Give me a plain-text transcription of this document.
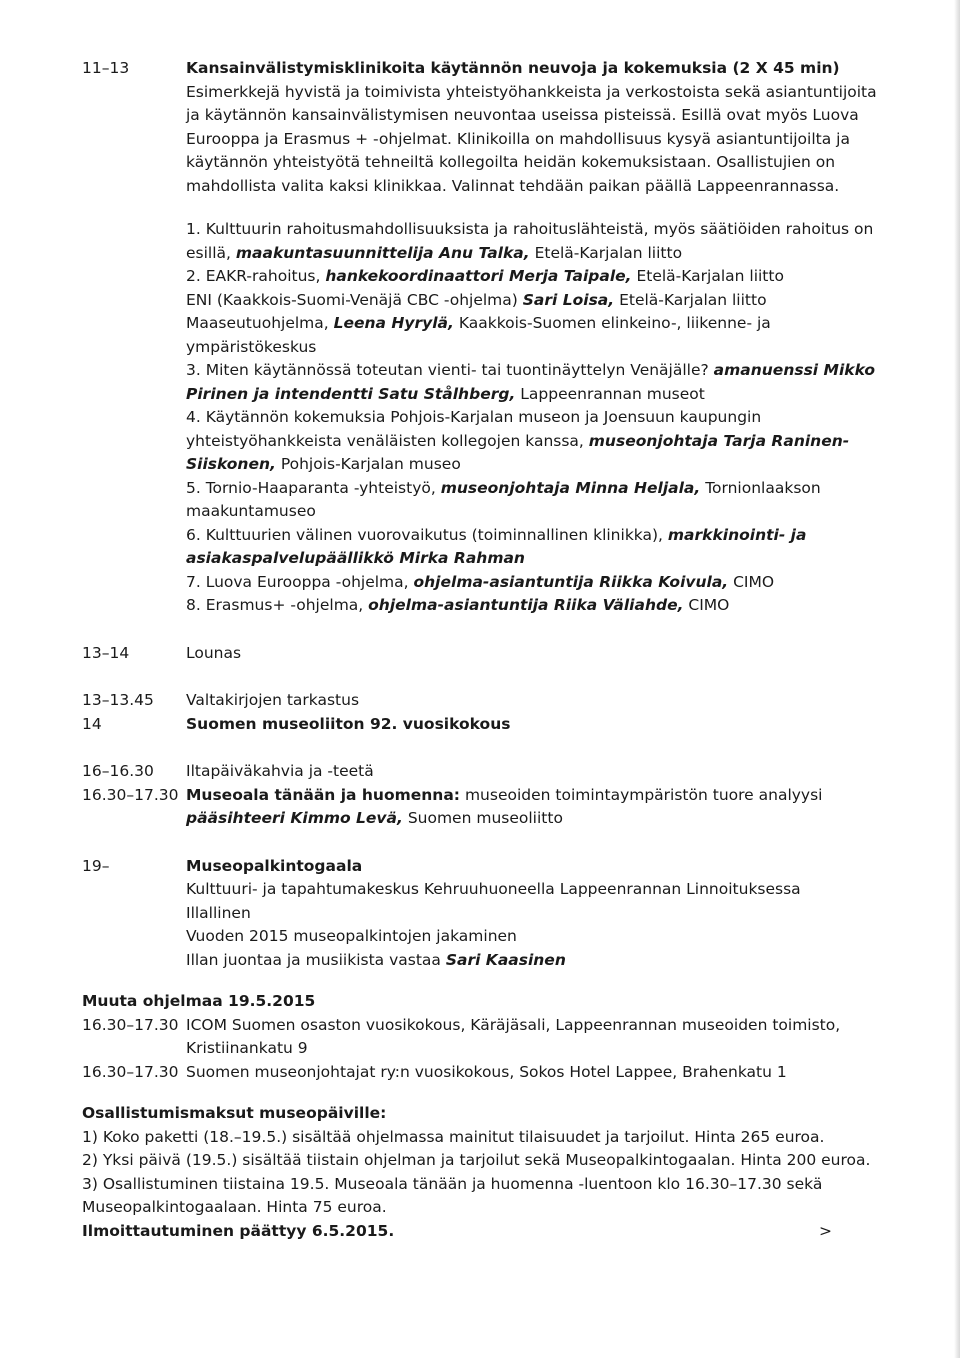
11–13	Kansainvälistymisklinikoita käytännön neuvoja ja kokemuksia (2 X 45 min)
Esimerkkejä hyvistä ja toimivista yhteistyöhankkeista ja verkostoista sekä asiantuntijoita
ja käytännön kansainvälistymisen neuvontaa useissa pisteissä. Esillä ovat myös Luova
Eurooppa ja Erasmus + -ohjelmat. Klinikoilla on mahdollisuus kysyä asiantuntijoilta ja
käytännön yhteistyötä tehneiltä kollegoilta heidän kokemuksistaan. Osallistujien on
mahdollista valita kaksi klinikkaa. Valinnat tehdään paikan päällä Lappeenrannassa.
1. Kulttuurin rahoitusmahdollisuuksista ja rahoituslähteistä, myös säätiöiden rahoitus on
esillä, maakuntasuunnittelija Anu Talka, Etelä-Karjalan liitto
2. EAKR-rahoitus, hankekoordinaattori Merja Taipale, Etelä-Karjalan liitto
ENI (Kaakkois-Suomi-Venäjä CBC -ohjelma) Sari Loisa, Etelä-Karjalan liitto
Maaseutuohjelma, Leena Hyrylä, Kaakkois-Suomen elinkeino-, liikenne- ja
ympäristökeskus
3. Miten käytännössä toteutan vienti- tai tuontinäyttelyn Venäjälle? amanuenssi Mikko
Pirinen ja intendentti Satu Stålhberg, Lappeenrannan museot
4. Käytännön kokemuksia Pohjois-Karjalan museon ja Joensuun kaupungin
yhteistyöhankkeista venäläisten kollegojen kanssa, museonjohtaja Tarja Raninen-
Siiskonen, Pohjois-Karjalan museo
5. Tornio-Haaparanta -yhteistyö, museonjohtaja Minna Heljala, Tornionlaakson
maakuntamuseo
6. Kulttuurien välinen vuorovaikutus (toiminnallinen klinikka), markkinointi- ja
asiakaspalvelupäällikkö Mirka Rahman
7. Luova Eurooppa -ohjelma, ohjelma-asiantuntija Riikka Koivula, CIMO
8. Erasmus+ -ohjelma, ohjelma-asiantuntija Riika Väliahde, CIMO
13–14	Lounas
13–13.45	Valtakirjojen tarkastus
14	Suomen museoliiton 92. vuosikokous
16–16.30	Iltapäiväkahvia ja -teetä
16.30–17.30 Museoala tänään ja huomenna: museoiden toimintaympäristön tuore analyysi
pääsihteeri Kimmo Levä, Suomen museoliitto
19–	Museopalkintogaala
Kulttuuri- ja tapahtumakeskus Kehruuhuoneella Lappeenrannan Linnoituksessa
Illallinen
Vuoden 2015 museopalkintojen jakaminen
Illan juontaa ja musiikista vastaa Sari Kaasinen
Muuta ohjelmaa 19.5.2015
16.30–17.30 ICOM Suomen osaston vuosikokous, Käräjäsali, Lappeenrannan museoiden toimisto,
Kristiinankatu 9
16.30–17.30 Suomen museonjohtajat ry:n vuosikokous, Sokos Hotel Lappee, Brahenkatu 1
Osallistumismaksut museopäiville:
1) Koko paketti (18.–19.5.) sisältää ohjelmassa mainitut tilaisuudet ja tarjoilut. Hinta 265 euroa.
2) Yksi päivä (19.5.) sisältää tiistain ohjelman ja tarjoilut sekä Museopalkintogaalan. Hinta 200 euroa.
3) Osallistuminen tiistaina 19.5. Museoala tänään ja huomenna -luentoon klo 16.30–17.30 sekä
Museopalkintogaalaan. Hinta 75 euroa.
Ilmoittautuminen päättyy 6.5.2015.	>
